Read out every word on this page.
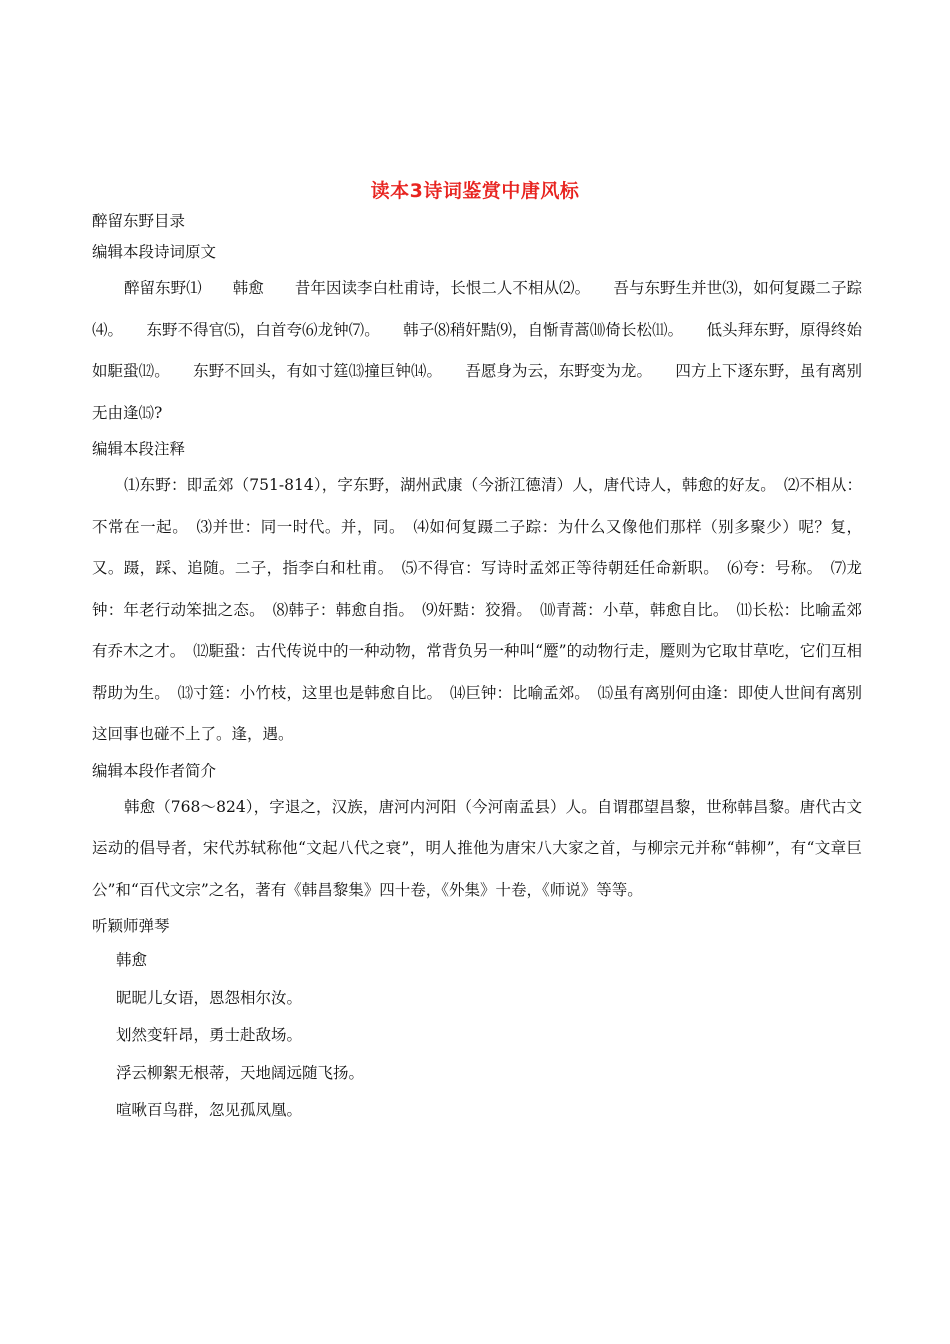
读本3诗词鉴赏中唐风标

醉留东野目录

编辑本段诗词原文

醉留东野⑴　　韩愈　　昔年因读李白杜甫诗，长恨二人不相从⑵。　　吾与东野生并世⑶，如何复蹑二子踪⑷。　　东野不得官⑸，白首夸⑹龙钟⑺。　　韩子⑻稍奸黠⑼，自惭青蒿⑽倚长松⑾。　　低头拜东野，原得终始如駏蛩⑿。　　东野不回头，有如寸筳⒀撞巨钟⒁。　　吾愿身为云，东野变为龙。　　四方上下逐东野，虽有离别无由逢⒂?

编辑本段注释

⑴东野：即孟郊（751-814），字东野，湖州武康（今浙江德清）人，唐代诗人，韩愈的好友。　⑵不相从：不常在一起。　⑶并世：同一时代。并，同。　⑷如何复蹑二子踪：为什么又像他们那样（别多聚少）呢？复，又。蹑，踩、追随。二子，指李白和杜甫。　⑸不得官：写诗时孟郊正等待朝廷任命新职。　⑹夸：号称。　⑺龙钟：年老行动笨拙之态。　⑻韩子：韩愈自指。　⑼奸黠：狡猾。　⑽青蒿：小草，韩愈自比。　⑾长松：比喻孟郊有乔木之才。　⑿駏蛩：古代传说中的一种动物，常背负另一种叫“蹷”的动物行走，蹷则为它取甘草吃，它们互相帮助为生。　⒀寸筳：小竹枝，这里也是韩愈自比。　⒁巨钟：比喻孟郊。　⒂虽有离别何由逢：即使人世间有离别这回事也碰不上了。逢，遇。

编辑本段作者简介

韩愈（768～824），字退之，汉族，唐河内河阳（今河南孟县）人。自谓郡望昌黎，世称韩昌黎。唐代古文运动的倡导者，宋代苏轼称他“文起八代之衰”，明人推他为唐宋八大家之首，与柳宗元并称“韩柳”，有“文章巨公”和“百代文宗”之名，著有《韩昌黎集》四十卷，《外集》十卷，《师说》等等。

听颖师弹琴

韩愈

昵昵儿女语，恩怨相尔汝。

划然变轩昂，勇士赴敌场。

浮云柳絮无根蒂，天地阔远随飞扬。

喧啾百鸟群，忽见孤凤凰。
